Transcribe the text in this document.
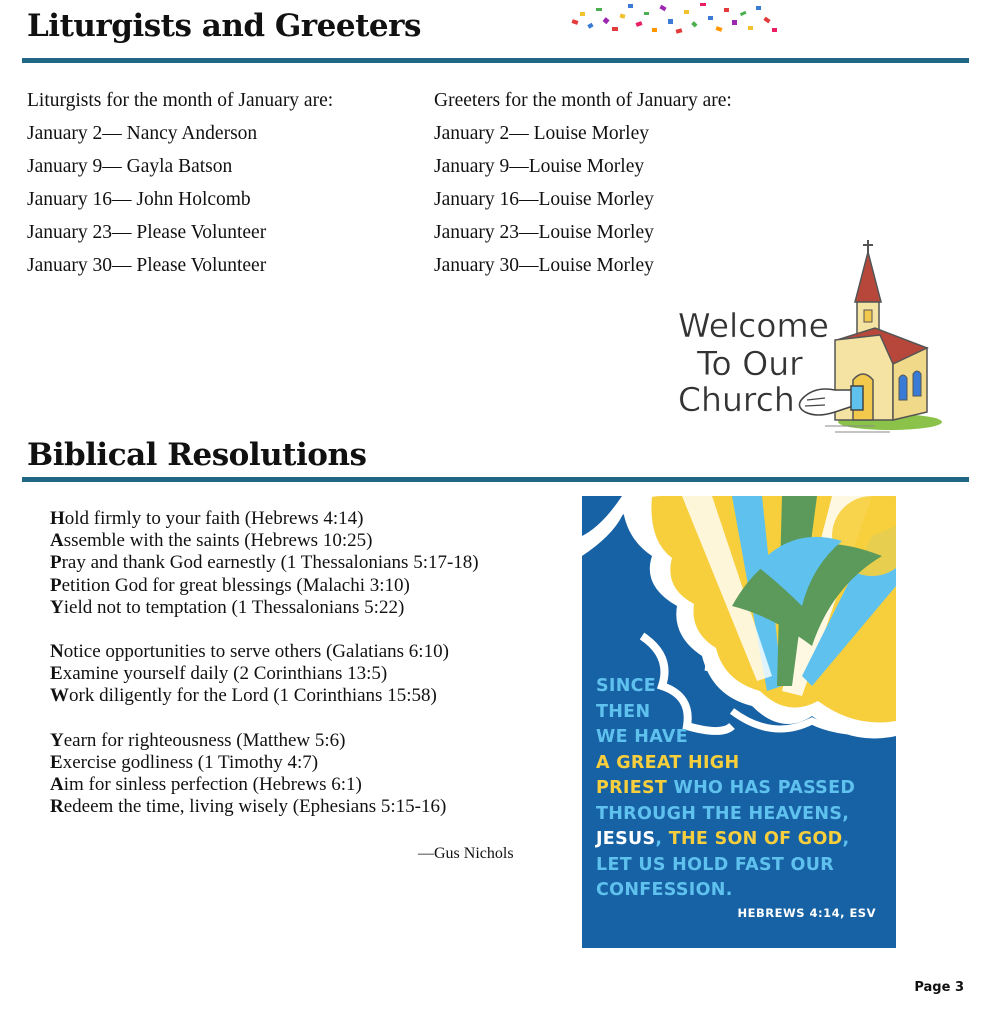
Liturgists and Greeters
Liturgists for the month of January are:
January 2— Nancy Anderson
January 9— Gayla Batson
January 16— John Holcomb
January 23— Please Volunteer
January 30— Please Volunteer
Greeters for the month of January are:
January 2— Louise Morley
January 9—Louise Morley
January 16—Louise Morley
January 23—Louise Morley
January 30—Louise Morley
Welcome
To Our
Church
Biblical Resolutions
Hold firmly to your faith (Hebrews 4:14)
Assemble with the saints (Hebrews 10:25)
Pray and thank God earnestly (1 Thessalonians 5:17-18)
Petition God for great blessings (Malachi 3:10)
Yield not to temptation (1 Thessalonians 5:22)
Notice opportunities to serve others (Galatians 6:10)
Examine yourself daily (2 Corinthians 13:5)
Work diligently for the Lord (1 Corinthians 15:58)
Yearn for righteousness (Matthew 5:6)
Exercise godliness (1 Timothy 4:7)
Aim for sinless perfection (Hebrews 6:1)
Redeem the time, living wisely (Ephesians 5:15-16)
—Gus Nichols
SINCE
THEN
WE HAVE
A GREAT HIGH
PRIEST WHO HAS PASSED
THROUGH THE HEAVENS,
JESUS, THE SON OF GOD,
LET US HOLD FAST OUR
CONFESSION.
HEBREWS 4:14, ESV
Page 3
